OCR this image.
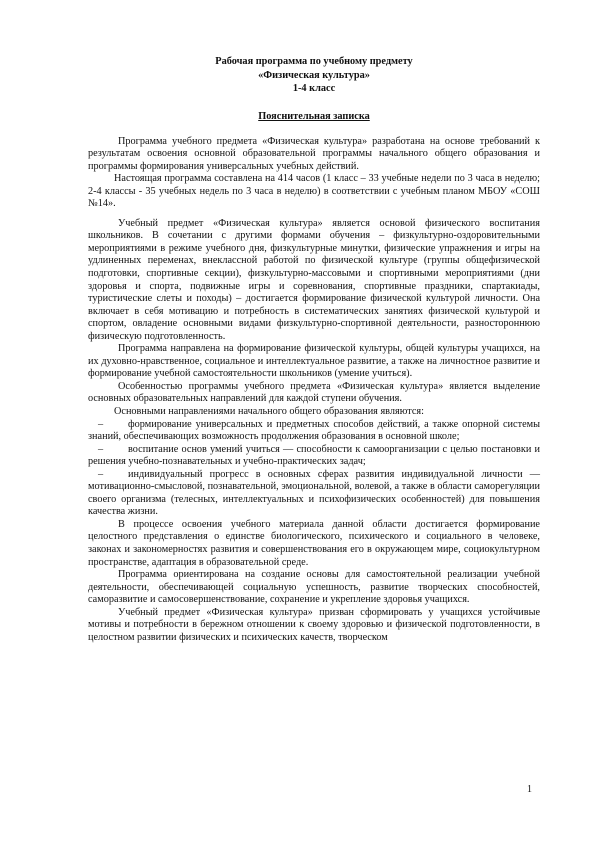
Рабочая программа по учебному предмету
«Физическая культура»
1-4 класс
Пояснительная записка

Программа учебного предмета «Физическая культура» разработана на основе требований к результатам освоения основной образовательной программы начального общего образования и программы формирования универсальных учебных действий.

Настоящая программа составлена на 414 часов (1 класс – 33 учебные недели по 3 часа в неделю; 2-4 классы - 35 учебных недель по 3 часа в неделю) в соответствии с учебным планом МБОУ «СОШ №14».

Учебный предмет «Физическая культура» является основой физического воспитания школьников. В сочетании с другими формами обучения – физкультурно-оздоровительными мероприятиями в режиме учебного дня, физкультурные минутки, физические упражнения и игры на удлиненных переменах, внеклассной работой по физической культуре (группы общефизической подготовки, спортивные секции), физкультурно-массовыми и спортивными мероприятиями (дни здоровья и спорта, подвижные игры и соревнования, спортивные праздники, спартакиады, туристические слеты и походы) – достигается формирование физической культурой личности. Она включает в себя мотивацию и потребность в систематических занятиях физической культурой и спортом, овладение основными видами физкультурно-спортивной деятельности, разностороннюю физическую подготовленность.

Программа направлена на формирование физической культуры, общей культуры учащихся, на их духовно-нравственное, социальное и интеллектуальное развитие, а также на личностное развитие и формирование учебной самостоятельности школьников (умение учиться).

Особенностью программы учебного предмета «Физическая культура» является выделение основных образовательных направлений для каждой ступени обучения.

Основными направлениями начального общего образования являются:

– формирование универсальных и предметных способов действий, а также опорной системы знаний, обеспечивающих возможность продолжения образования в основной школе;

– воспитание основ умений учиться — способности к самоорганизации с целью постановки и решения учебно-познавательных и учебно-практических задач;

– индивидуальный прогресс в основных сферах развития индивидуальной личности — мотивационно-смысловой, познавательной, эмоциональной, волевой, а также в области саморегуляции своего организма (телесных, интеллектуальных и психофизических особенностей) для повышения качества жизни.

В процессе освоения учебного материала данной области достигается формирование целостного представления о единстве биологического, психического и социального в человеке, законах и закономерностях развития и совершенствования его в окружающем мире, социокультурном пространстве, адаптация в образовательной среде.

Программа ориентирована на создание основы для самостоятельной реализации учебной деятельности, обеспечивающей социальную успешность, развитие творческих способностей, саморазвитие и самосовершенствование, сохранение и укрепление здоровья учащихся.

Учебный предмет «Физическая культура» призван сформировать у учащихся устойчивые мотивы и потребности в бережном отношении к своему здоровью и физической подготовленности, в целостном развитии физических и психических качеств, творческом

1
